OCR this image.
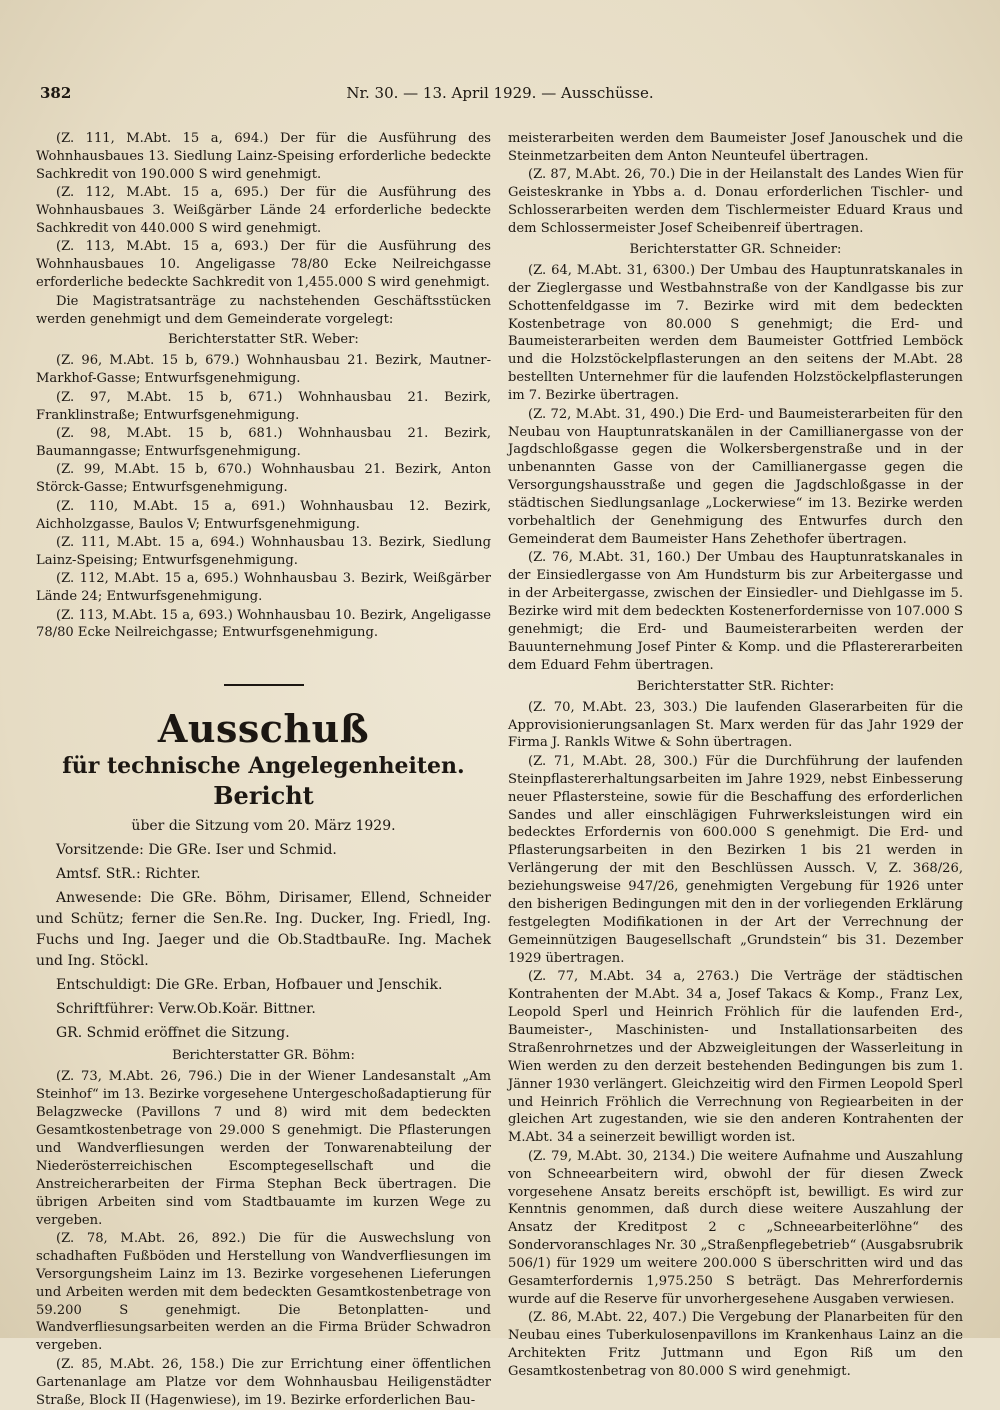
382	Nr. 30. — 13. April 1929. — Ausschüsse.

(Z. 111, M.Abt. 15 a, 694.) Der für die Ausführung des Wohnhausbaues 13. Siedlung Lainz-Speising erforderliche bedeckte Sachkredit von 190.000 S wird genehmigt.

(Z. 112, M.Abt. 15 a, 695.) Der für die Ausführung des Wohnhausbaues 3. Weißgärber Lände 24 erforderliche bedeckte Sachkredit von 440.000 S wird genehmigt.

(Z. 113, M.Abt. 15 a, 693.) Der für die Ausführung des Wohnhausbaues 10. Angeligasse 78/80 Ecke Neilreichgasse erforderliche bedeckte Sachkredit von 1,455.000 S wird genehmigt.

Die Magistratsanträge zu nachstehenden Geschäftsstücken werden genehmigt und dem Gemeinderate vorgelegt:

Berichterstatter StR. Weber:

(Z. 96, M.Abt. 15 b, 679.) Wohnhausbau 21. Bezirk, Mautner-Markhof-Gasse; Entwurfsgenehmigung.

(Z. 97, M.Abt. 15 b, 671.) Wohnhausbau 21. Bezirk, Franklinstraße; Entwurfsgenehmigung.

(Z. 98, M.Abt. 15 b, 681.) Wohnhausbau 21. Bezirk, Baumanngasse; Entwurfsgenehmigung.

(Z. 99, M.Abt. 15 b, 670.) Wohnhausbau 21. Bezirk, Anton Störck-Gasse; Entwurfsgenehmigung.

(Z. 110, M.Abt. 15 a, 691.) Wohnhausbau 12. Bezirk, Aichholzgasse, Baulos V; Entwurfsgenehmigung.

(Z. 111, M.Abt. 15 a, 694.) Wohnhausbau 13. Bezirk, Siedlung Lainz-Speising; Entwurfsgenehmigung.

(Z. 112, M.Abt. 15 a, 695.) Wohnhausbau 3. Bezirk, Weißgärber Lände 24; Entwurfsgenehmigung.

(Z. 113, M.Abt. 15 a, 693.) Wohnhausbau 10. Bezirk, Angeligasse 78/80 Ecke Neilreichgasse; Entwurfsgenehmigung.

Ausschuß
für technische Angelegenheiten.
Bericht

über die Sitzung vom 20. März 1929.

Vorsitzende: Die GRe. Iser und Schmid.

Amtsf. StR.: Richter.

Anwesende: Die GRe. Böhm, Dirisamer, Ellend, Schneider und Schütz; ferner die Sen.Re. Ing. Ducker, Ing. Friedl, Ing. Fuchs und Ing. Jaeger und die Ob.StadtbauRe. Ing. Machek und Ing. Stöckl.

Entschuldigt: Die GRe. Erban, Hofbauer und Jenschik.

Schriftführer: Verw.Ob.Koär. Bittner.

GR. Schmid eröffnet die Sitzung.

Berichterstatter GR. Böhm:

(Z. 73, M.Abt. 26, 796.) Die in der Wiener Landesanstalt „Am Steinhof“ im 13. Bezirke vorgesehene Untergeschoßadaptierung für Belagzwecke (Pavillons 7 und 8) wird mit dem bedeckten Gesamtkostenbetrage von 29.000 S genehmigt. Die Pflasterungen und Wandverfliesungen werden der Tonwarenabteilung der Niederösterreichischen Escomptegesellschaft und die Anstreicherarbeiten der Firma Stephan Beck übertragen. Die übrigen Arbeiten sind vom Stadtbauamte im kurzen Wege zu vergeben.

(Z. 78, M.Abt. 26, 892.) Die für die Auswechslung von schadhaften Fußböden und Herstellung von Wandverfliesungen im Versorgungsheim Lainz im 13. Bezirke vorgesehenen Lieferungen und Arbeiten werden mit dem bedeckten Gesamtkostenbetrage von 59.200 S genehmigt. Die Betonplatten- und Wandverfliesungsarbeiten werden an die Firma Brüder Schwadron vergeben.

(Z. 85, M.Abt. 26, 158.) Die zur Errichtung einer öffentlichen Gartenanlage am Platze vor dem Wohnhausbau Heiligenstädter Straße, Block II (Hagenwiese), im 19. Bezirke erforderlichen Bau-

meisterarbeiten werden dem Baumeister Josef Janouschek und die Steinmetzarbeiten dem Anton Neunteufel übertragen.

(Z. 87, M.Abt. 26, 70.) Die in der Heilanstalt des Landes Wien für Geisteskranke in Ybbs a. d. Donau erforderlichen Tischler- und Schlosserarbeiten werden dem Tischlermeister Eduard Kraus und dem Schlossermeister Josef Scheibenreif übertragen.

Berichterstatter GR. Schneider:

(Z. 64, M.Abt. 31, 6300.) Der Umbau des Hauptunratskanales in der Zieglergasse und Westbahnstraße von der Kandlgasse bis zur Schottenfeldgasse im 7. Bezirke wird mit dem bedeckten Kostenbetrage von 80.000 S genehmigt; die Erd- und Baumeisterarbeiten werden dem Baumeister Gottfried Lemböck und die Holzstöckelpflasterungen an den seitens der M.Abt. 28 bestellten Unternehmer für die laufenden Holzstöckelpflasterungen im 7. Bezirke übertragen.

(Z. 72, M.Abt. 31, 490.) Die Erd- und Baumeisterarbeiten für den Neubau von Hauptunratskanälen in der Camillianergasse von der Jagdschloßgasse gegen die Wolkersbergenstraße und in der unbenannten Gasse von der Camillianergasse gegen die Versorgungshausstraße und gegen die Jagdschloßgasse in der städtischen Siedlungsanlage „Lockerwiese“ im 13. Bezirke werden vorbehaltlich der Genehmigung des Entwurfes durch den Gemeinderat dem Baumeister Hans Zehethofer übertragen.

(Z. 76, M.Abt. 31, 160.) Der Umbau des Hauptunratskanales in der Einsiedlergasse von Am Hundsturm bis zur Arbeitergasse und in der Arbeitergasse, zwischen der Einsiedler- und Diehlgasse im 5. Bezirke wird mit dem bedeckten Kostenerfordernisse von 107.000 S genehmigt; die Erd- und Baumeisterarbeiten werden der Bauunternehmung Josef Pinter & Komp. und die Pflastererarbeiten dem Eduard Fehm übertragen.

Berichterstatter StR. Richter:

(Z. 70, M.Abt. 23, 303.) Die laufenden Glaserarbeiten für die Approvisionierungsanlagen St. Marx werden für das Jahr 1929 der Firma J. Rankls Witwe & Sohn übertragen.

(Z. 71, M.Abt. 28, 300.) Für die Durchführung der laufenden Steinpflastererhaltungsarbeiten im Jahre 1929, nebst Einbesserung neuer Pflastersteine, sowie für die Beschaffung des erforderlichen Sandes und aller einschlägigen Fuhrwerksleistungen wird ein bedecktes Erfordernis von 600.000 S genehmigt. Die Erd- und Pflasterungsarbeiten in den Bezirken 1 bis 21 werden in Verlängerung der mit den Beschlüssen Aussch. V, Z. 368/26, beziehungsweise 947/26, genehmigten Vergebung für 1926 unter den bisherigen Bedingungen mit den in der vorliegenden Erklärung festgelegten Modifikationen in der Art der Verrechnung der Gemeinnützigen Baugesellschaft „Grundstein“ bis 31. Dezember 1929 übertragen.

(Z. 77, M.Abt. 34 a, 2763.) Die Verträge der städtischen Kontrahenten der M.Abt. 34 a, Josef Takacs & Komp., Franz Lex, Leopold Sperl und Heinrich Fröhlich für die laufenden Erd-, Baumeister-, Maschinisten- und Installationsarbeiten des Straßenrohrnetzes und der Abzweigleitungen der Wasserleitung in Wien werden zu den derzeit bestehenden Bedingungen bis zum 1. Jänner 1930 verlängert. Gleichzeitig wird den Firmen Leopold Sperl und Heinrich Fröhlich die Verrechnung von Regiearbeiten in der gleichen Art zugestanden, wie sie den anderen Kontrahenten der M.Abt. 34 a seinerzeit bewilligt worden ist.

(Z. 79, M.Abt. 30, 2134.) Die weitere Aufnahme und Auszahlung von Schneearbeitern wird, obwohl der für diesen Zweck vorgesehene Ansatz bereits erschöpft ist, bewilligt. Es wird zur Kenntnis genommen, daß durch diese weitere Auszahlung der Ansatz der Kreditpost 2 c „Schneearbeiterlöhne“ des Sondervoranschlages Nr. 30 „Straßenpflegebetrieb“ (Ausgabsrubrik 506/1) für 1929 um weitere 200.000 S überschritten wird und das Gesamterfordernis 1,975.250 S beträgt. Das Mehrerfordernis wurde auf die Reserve für unvorhergesehene Ausgaben verwiesen.

(Z. 86, M.Abt. 22, 407.) Die Vergebung der Planarbeiten für den Neubau eines Tuberkulosenpavillons im Krankenhaus Lainz an die Architekten Fritz Juttmann und Egon Riß um den Gesamtkostenbetrag von 80.000 S wird genehmigt.
